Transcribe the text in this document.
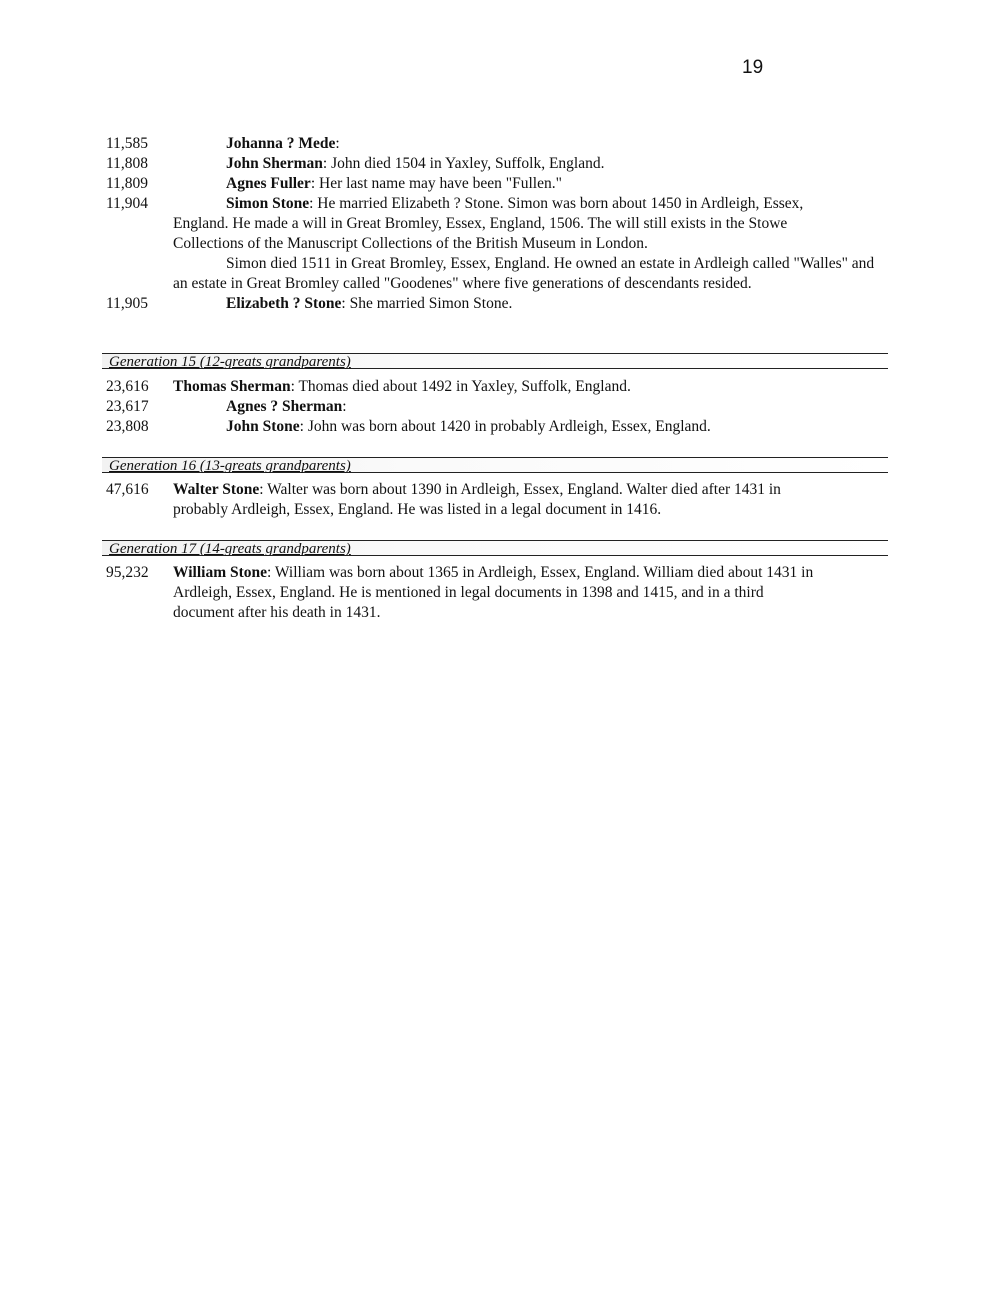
19
11,585	Johanna ? Mede:
11,808	John Sherman: John died 1504 in Yaxley, Suffolk, England.
11,809	Agnes Fuller: Her last name may have been "Fullen."
11,904	Simon Stone: He married Elizabeth ? Stone. Simon was born about 1450 in Ardleigh, Essex,
England. He made a will in Great Bromley, Essex, England, 1506. The will still exists in the Stowe
Collections of the Manuscript Collections of the British Museum in London.
Simon died 1511 in Great Bromley, Essex, England. He owned an estate in Ardleigh called "Walles" and an estate in Great Bromley called "Goodenes" where five generations of descendants resided.
11,905	Elizabeth ? Stone: She married Simon Stone.
Generation 15 (12-greats grandparents)
23,616 Thomas Sherman: Thomas died about 1492 in Yaxley, Suffolk, England.
23,617	Agnes ? Sherman:
23,808	John Stone: John was born about 1420 in probably Ardleigh, Essex, England.
Generation 16 (13-greats grandparents)
47,616 Walter Stone: Walter was born about 1390 in Ardleigh, Essex, England. Walter died after 1431 in
probably Ardleigh, Essex, England. He was listed in a legal document in 1416.
Generation 17 (14-greats grandparents)
95,232 William Stone: William was born about 1365 in Ardleigh, Essex, England. William died about 1431 in
Ardleigh, Essex, England. He is mentioned in legal documents in 1398 and 1415, and in a third
document after his death in 1431.
